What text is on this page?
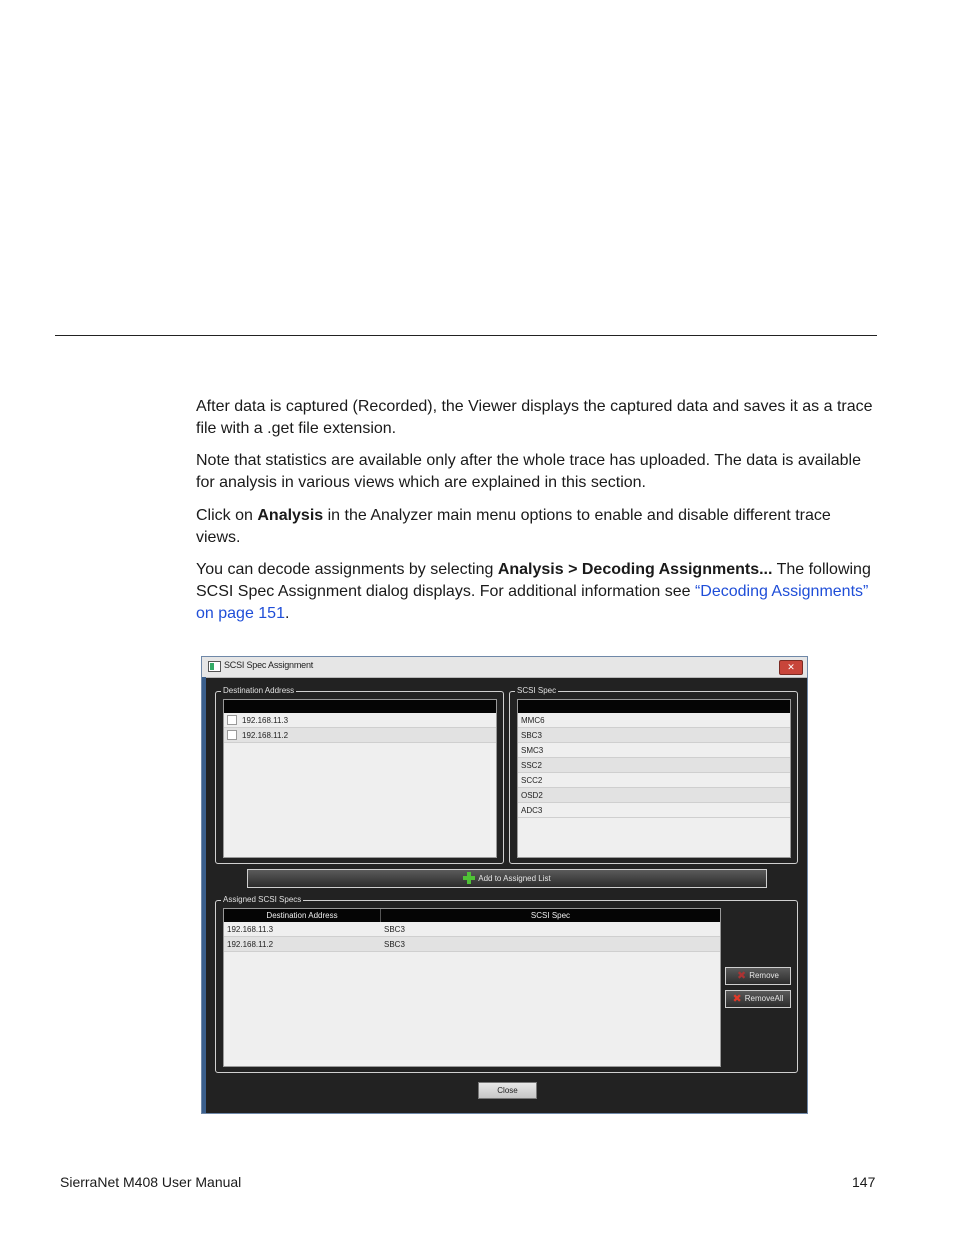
After data is captured (Recorded), the Viewer displays the captured data and saves it as a trace file with a .get file extension.

Note that statistics are available only after the whole trace has uploaded. The data is available for analysis in various views which are explained in this section.

Click on Analysis in the Analyzer main menu options to enable and disable different trace views.

You can decode assignments by selecting Analysis > Decoding Assignments... The following SCSI Spec Assignment dialog displays. For additional information see “Decoding Assignments” on page 151.

SCSI Spec Assignment	✕
Destination Address
192.168.11.3
192.168.11.2
SCSI Spec
MMC6
SBC3
SMC3
SSC2
SCC2
OSD2
ADC3
Add to Assigned List
Assigned SCSI Specs
Destination Address	SCSI Spec
192.168.11.3	SBC3
192.168.11.2	SBC3
✖ Remove
✖ RemoveAll
Close
SierraNet M408 User Manual	147
